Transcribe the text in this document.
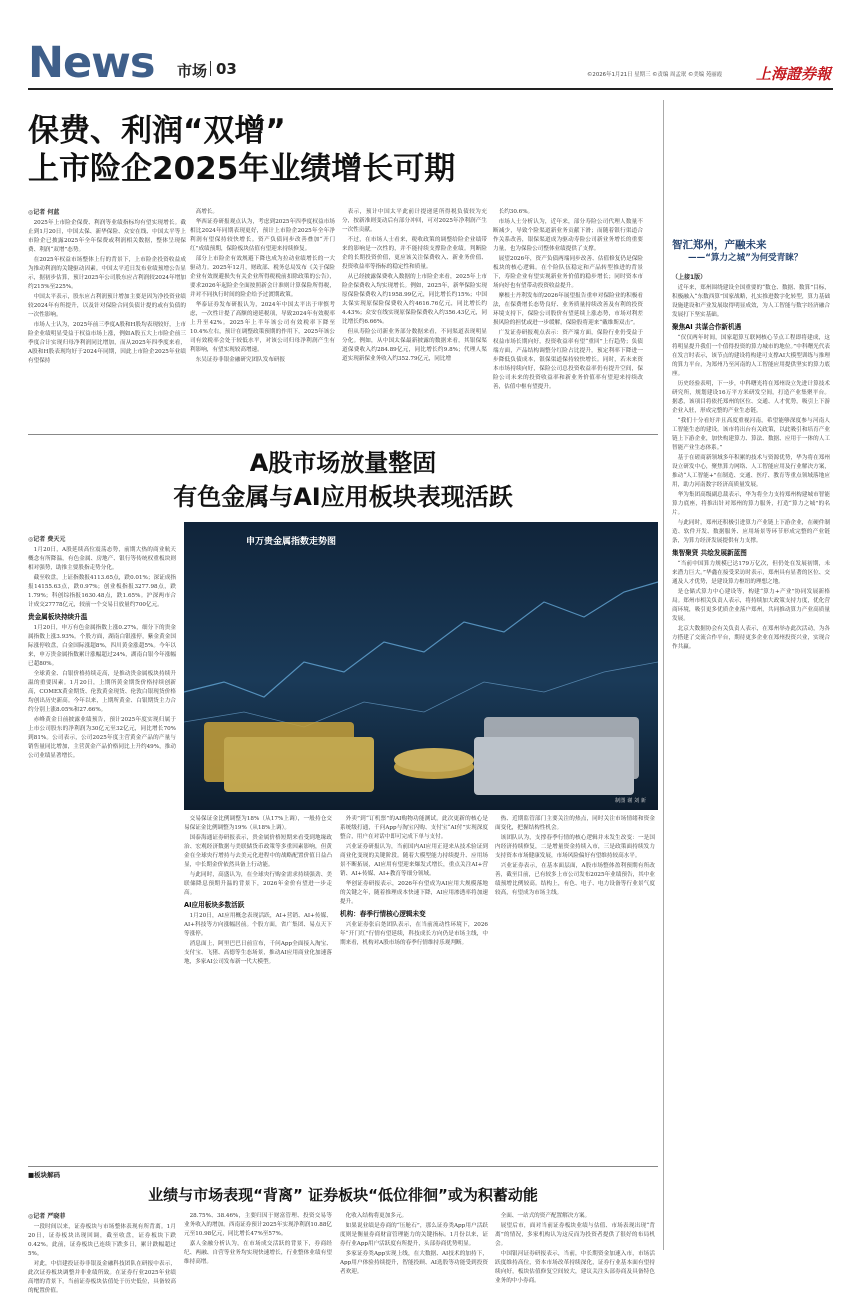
News 市场 03	©2026年1月21日 星期三 ©责编 周孟珉 ©美编 苑丽霞 上海證券報
保费、利润“双增”
上市险企2025年业绩增长可期
◎记者 何蓝

2025年上市险企保费、利润等业绩指标均有望实现增长。截止到1月20日，中国太保、新华保险、众安在线、中国太平等上市险企已披露2025年全年保费或利润相关数据，整体呈现保费、利润“双增”态势。

在2025年权益市场整体上行的背景下，上市险企投资收益成为推动利润的关键驱动因素。中国太平近日发布业绩预增公告显示，据初步估算，预计2025年公司股东应占利润较2024年增加约215%至225%。

中国太平表示，股东应占利润预计增加主要是因为净投资业绩较2024年有所提升，以及针对保险合同负债计提的或有负债的一次性影响。

市场人士认为，2025年前三季度A股和H股均表现较好，上市险企业绩明显受益于权益市场上涨，例如A股五大上市险企前三季度合计实现归母净利润同比增加，而从2025年四季度来看，A股和H股表现均好于2024年同期，因此上市险企2025年业绩有望保持

高增长。

华西证券研报观点认为，考虑到2025年四季度权益市场相比2024年同期表现更好，预计上市险企2025年全年净利润有望保持较快增长。资产负债同步改善叠加“开门红”成绩预期，保险板块估值有望迎来持续修复。

部分上市险企有效规避下降也成为拉动业绩增长的一大驱动力。2025年12月，财政部、税务总局发布《关于保险企业有效规避损失有关企业所得税税前扣除政策的公告》，要求2026年起险企全面按照新会计准则计算保险所得税，并对不同执行时间的险企给予过渡期政策。

华泰证券发布研报认为，2024年中国太平出于审慎考虑，一次性计提了高额的递延税项，导致2024年有效税率上升至42%。2025年上半年该公司有效税率下降至10.4%左右，预计在调整政策预期的作用下，2025年该公司有效税率会处于较低水平，对该公司归母净利润产生有利影响，有望实现较高增速。

东吴证券非银金融研究团队发布研报

表示，预计中国太平此前计提递延所得税负债较为充分，按新准则变动后有部分冲回，可对2025年净利润产生一次性贡献。

不过，在市场人士看来，税收政策的调整给险企业绩带来的影响是一次性的，并不能持续支撑险企业绩。判断险企的长期投资价值，更应该关注保费收入、新业务价值、投资收益率等指标的稳定性和质量。

从已经披露保费收入数据的上市险企来看，2025年上市险企保费收入均实现增长。例如，2025年，新华保险实现原保险保费收入约1958.99亿元，同比增长约15%；中国太保实现原保险保费收入约4616.76亿元，同比增长约4.43%；众安在线实现原保险保费收入约356.43亿元，同比增长约6.66%。

但从寿险公司新业务部分数据来看，不同渠道表现明显分化。例如，从中国太保最新披露的数据来看，其银保渠道保费收入约284.89亿元，同比增长约9.8%；代理人渠道实现新保业务收入约352.79亿元，同比增

长约30.6%。

市场人士分析认为，近年来，部分寿险公司代理人数量不断减少，导致个险渠道新业务贡献下滑；而随着银行渠道合作关系改善，银保渠道成为驱动寿险公司新业务增长的重要力量，也为保险公司整体业绩提供了支撑。

展望2026年，资产负债两端同步改善、估值修复仍是保险板块的核心逻辑。在个险队伍稳定和产品转型推进的背景下，寿险企业有望实现新业务价值的稳步增长；同时资本市场向好也有望带动投资收益提升。

摩根士丹利发布的2026年展望报告重申对保险业的积极看法，在保费增长态势良好、业务质量持续改善及有利的投资环境支持下，保险公司股价有望延续上涨态势，市场对利差损风险的担忧或进一步缓解，保险股将迎来“戴维斯双击”。

广发证券研报观点表示：资产端方面，保险行业仍受益于权益市场长期向好，投资收益率有望“重回”上行趋势；负债端方面，产品结构调整分红险占比提升，预定利率下降进一步降低负债成本，银保渠道保持较快增长。同时，若未来资本市场持续向好，保险公司总投资收益率仍有提升空间，保险公司未来的投资收益率和新业务价值率有望迎来持续改善，估值中枢有望提升。

智汇郑州，产融未来
——“算力之城”为何受青睐？
（上接1版）

近年来，郑州围绕建设全国重要的“数仓、数据、数算”目标，积极融入“东数西算”国家战略，扎实推进数字化转型，算力基础设施建设和产业发展取得明显成效，为人工智能与数字经济融合发展打下坚实基础。

聚焦AI 共谋合作新机遇

“仅仅两年时间，国家超算互联网核心节点工程即将建成，这将明显提升我们一个值得投资的算力城市的地位。”中科曙光代表在发言时表示，该节点的建设将构建可支撑AI大模型训练与推理的算力平台，为郑州乃至河南的人工智能应用提供坚实的算力底座。

历史经验表明，下一步，中科曙光将在郑州设立先进计算技术研究所，规划建设16万平方米研发空间，打造产业集聚平台。据悉，该项目将依托郑州的区位、交通、人才优势，吸引上下游企业入驻，形成完整的产业生态链。

“我们十分看好并且高度重视河南，希望能够深度参与河南人工智能生态的建设。该市将出台有关政策，以此吸引和培育产业链上下游企业，加快构建算力、算法、数据、应用于一体的人工智能产业生态体系。”

基于在磋商新领域多年积累的技术与资源优势，华为将在郑州设立研发中心，聚焦算力网络、人工智能应用及行业解决方案，推动“人工智能+”在制造、交通、医疗、教育等重点领域落地应用，助力河南数字经济高质量发展。

华为集团高级副总裁表示，华为将全力支持郑州构建城市智能算力底座，将推出针对郑州的算力服务，打造“算力之城”的名片。

与此同时，郑州还积极引进算力产业链上下游企业，在硬件制造、软件开发、数据服务、应用场景等环节形成完整的产业链条，为算力经济发展提供有力支撑。

集智聚贤 共绘发展新蓝图

“当前中国算力规模已达179万亿次，但仍处在发展初期，未来潜力巨大。”华鑫在接受采访时表示，郑州具有显著的区位、交通及人才优势，是建设算力枢纽的理想之地。

是仓储式算力中心建设等，构建“算力+产业”协同发展新格局。郑州市相关负责人表示，将持续加大政策支持力度，优化营商环境，吸引更多优质企业落户郑州，共同推动算力产业高质量发展。

北京大数据协会有关负责人表示，在郑州举办此次活动，为各方搭建了交流合作平台，期待更多企业在郑州投资兴业，实现合作共赢。

A股市场放量整固
有色金属与AI应用板块表现活跃
◎记者 费天元

1月20日，A股延续高位震荡态势，前期大热的商业航天概念有所降温，有色金属、房地产、银行等传统权重板块则相对强势，助推主要股指走势分化。

截至收盘，上证指数报4113.65点，跌0.01%；深证成指报14155.63点，跌0.97%；创业板指报3277.98点，跌1.79%；科创综指报1630.48点，跌1.65%。沪深两市合计成交27778亿元，较前一个交易日放量约700亿元。

贵金属板块持续升温

1月20日，申万有色金属指数上涨0.27%，细分下的贵金属指数上涨3.93%。个股方面，湖南白银涨停，紫金黄金国际涨停收盘，白金国际涨超8%，四川黄金涨超5%。今年以来，申万贵金属指数累计涨幅超过24%，湖南白银今年涨幅已超80%。

全球黄金、白银价格持续走高，是推动贵金属板块持续升温的重要因素。1月20日，上期所黄金期货价格持续创新高，COMEX黄金期货、伦敦黄金现货、伦敦白银现货价格均创出历史新高。今年以来，上期所黄金、白银期货主力合约分别上涨8.05%和27.66%。

赤峰黄金日前披露业绩预告，预计2025年度实现归属于上市公司股东的净利润为30亿元至32亿元，同比增长70%到81%。公司表示，公司2025年度主营黄金产品的产量与销售量同比增加，主营黄金产品价格同比上升约49%，推动公司业绩显著增长。

申万贵金属指数走势图
制图 谢 刘 新

交易保证金比例调整为18%（从17%上调），一般持仓交易保证金比例调整为19%（从18%上调）。

国泰海通证券研报表示，贵金属价格短期来看受到地缘政治、宏观经济数据与美联储货币政策等多重因素影响，但黄金在全球央行增持与去美元化进程中的战略配置价值日益凸显，中长期金价依然具备上行动能。

与此同时，高盛认为，在全球央行购金需求持续强劲、美联储降息预期升温的背景下，2026年金价有望进一步走高。

AI应用板块多数活跃

1月20日，AI应用概念表现活跃，AI+营销、AI+传媒、AI+科技等方向涨幅居前。个股方面，省广集团、易点天下等涨停。

消息面上，阿里巴巴日前宣布，千问App全面接入淘宝、支付宝、飞猪、高德等生态场景，推动AI应用商业化加速落地，多家AI公司发布新一代大模型。

外卖”到“订机票”的AI购物功能测试。此次更新的核心是系统级打通，千问App与淘宝闪购、支付宝“AI付”实现深度整合，用户在对话中即可完成下单与支付。

兴业证券研报认为，当前国内AI应用正迎来从技术验证到商业化变现的关键阶段。随着大模型能力持续提升、应用场景不断拓展，AI应用有望迎来爆发式增长，重点关注AI+营销、AI+传媒、AI+教育等细分领域。

华创证券研报表示，2026年有望成为AI应用大规模落地的关键之年，随着推理成本快速下降，AI应用渗透率将加速提升。

机构：春季行情核心逻辑未变

兴业证券张启尧团队表示，在当前流动性环境下，2026年“开门红”行情有望延续，科技成长方向仍是市场主线，中期来看，机构对A股市场的春季行情维持乐观判断。

热、近期监管部门主要关注的热点，同时关注市场情绪和资金面变化，把握结构性机会。

该团队认为，支撑春季行情的核心逻辑并未发生改变：一是国内经济持续修复，二是增量资金持续入市，三是政策面持续发力支持资本市场健康发展，市场风险偏好有望维持较高水平。

兴业证券表示，在基本面层面，A股市场整体盈利预期有所改善，截至目前，已有较多上市公司发布2025年业绩预告，其中业绩预增比例较高。结构上，有色、电子、电力设备等行业景气度较高，有望成为市场主线。

■板块解码
业绩与市场表现“背离” 证券板块“低位徘徊”或为积蓄动能
◎记者 严晓菲

一段时间以来，证券板块与市场整体表现有所背离。1月20日，证券板块出现回调，截至收盘，证券板块下跌0.42%。此前，证券板块已连续下跌多日，累计跌幅超过5%。

对此，中信建投证券非银及金融科技团队在研报中表示，此次证券板块调整并非业绩所致。在证券行业2025年业绩高增的背景下，当前证券板块估值处于历史低位，具备较高的配置价值。

28.75%、38.46%，主要归因于财富管理、投资交易等业务收入的增加。西南证券预计2025年实现净利润10.88亿元至10.98亿元，同比增长47%至57%。

嘉人金融分析认为，在市场成交活跃的背景下，券商经纪、两融、自营等业务均实现快速增长，行业整体业绩有望维持高增。

化收入结构将更加多元。

如果说业绩是券商的“压舱石”，那么证券类App用户活跃度则是衡量券商财富管理能力的关键指标。1月份以来，证券行业App用户活跃度有所提升，头部券商优势明显。

多家证券类App实现上线，在大数据、AI技术的加持下，App用户体验持续提升，智能投顾、AI选股等功能受到投资者欢迎。

全面、一站式的资产配置解决方案。

展望后市，面对当前证券板块业绩与估值、市场表现出现“背离”的情况，多家机构认为这反而为投资者提供了很好的布局机会。

中国银河证券研报表示，当前，中长期资金加速入市，市场活跃度维持高位，资本市场改革持续深化，证券行业基本面有望持续向好，板块估值修复空间较大，建议关注头部券商及具备特色业务的中小券商。
